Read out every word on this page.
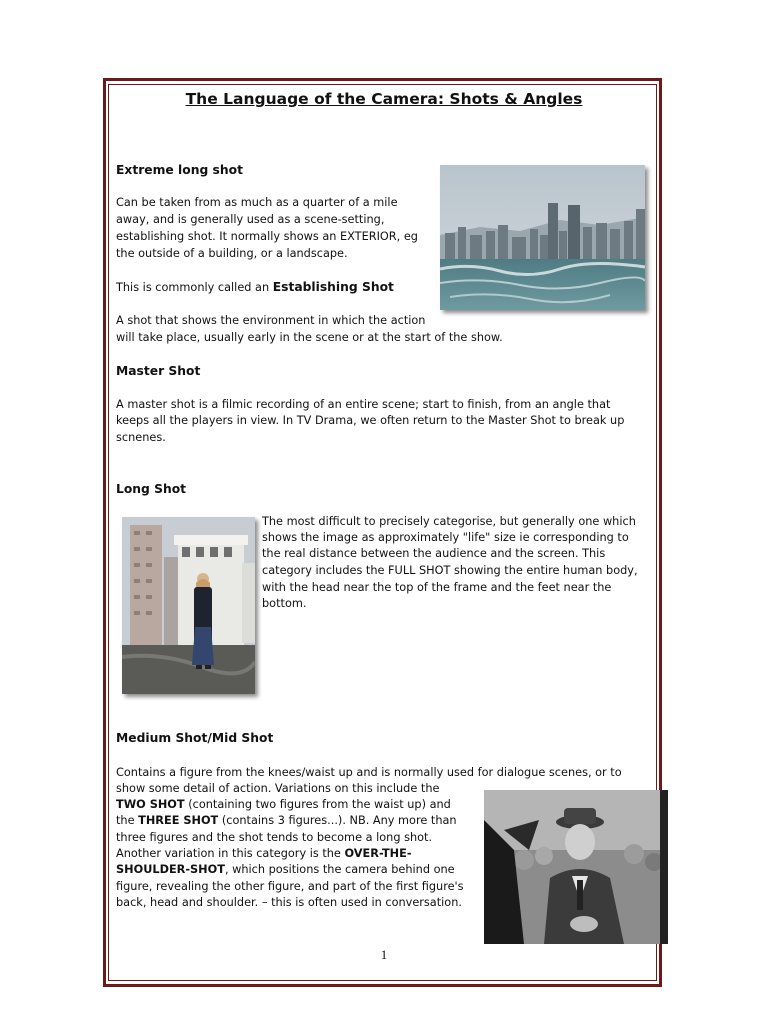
The Language of the Camera: Shots & Angles
Extreme long shot
Can be taken from as much as a quarter of a mile
away, and is generally used as a scene-setting,
establishing shot. It normally shows an EXTERIOR, eg
the outside of a building, or a landscape.
This is commonly called an Establishing Shot
A shot that shows the environment in which the action
will take place, usually early in the scene or at the start of the show.
Master Shot
A master shot is a filmic recording of an entire scene; start to finish, from an angle that
keeps all the players in view. In TV Drama, we often return to the Master Shot to break up
scnenes.
Long Shot
The most difficult to precisely categorise, but generally one which
shows the image as approximately "life" size ie corresponding to
the real distance between the audience and the screen. This
category includes the FULL SHOT showing the entire human body,
with the head near the top of the frame and the feet near the
bottom.
Medium Shot/Mid Shot
Contains a figure from the knees/waist up and is normally used for dialogue scenes, or to
show some detail of action. Variations on this include the
TWO SHOT (containing two figures from the waist up) and
the THREE SHOT (contains 3 figures...). NB. Any more than
three figures and the shot tends to become a long shot.
Another variation in this category is the OVER-THE-
SHOULDER-SHOT, which positions the camera behind one
figure, revealing the other figure, and part of the first figure's
back, head and shoulder. – this is often used in conversation.
1
